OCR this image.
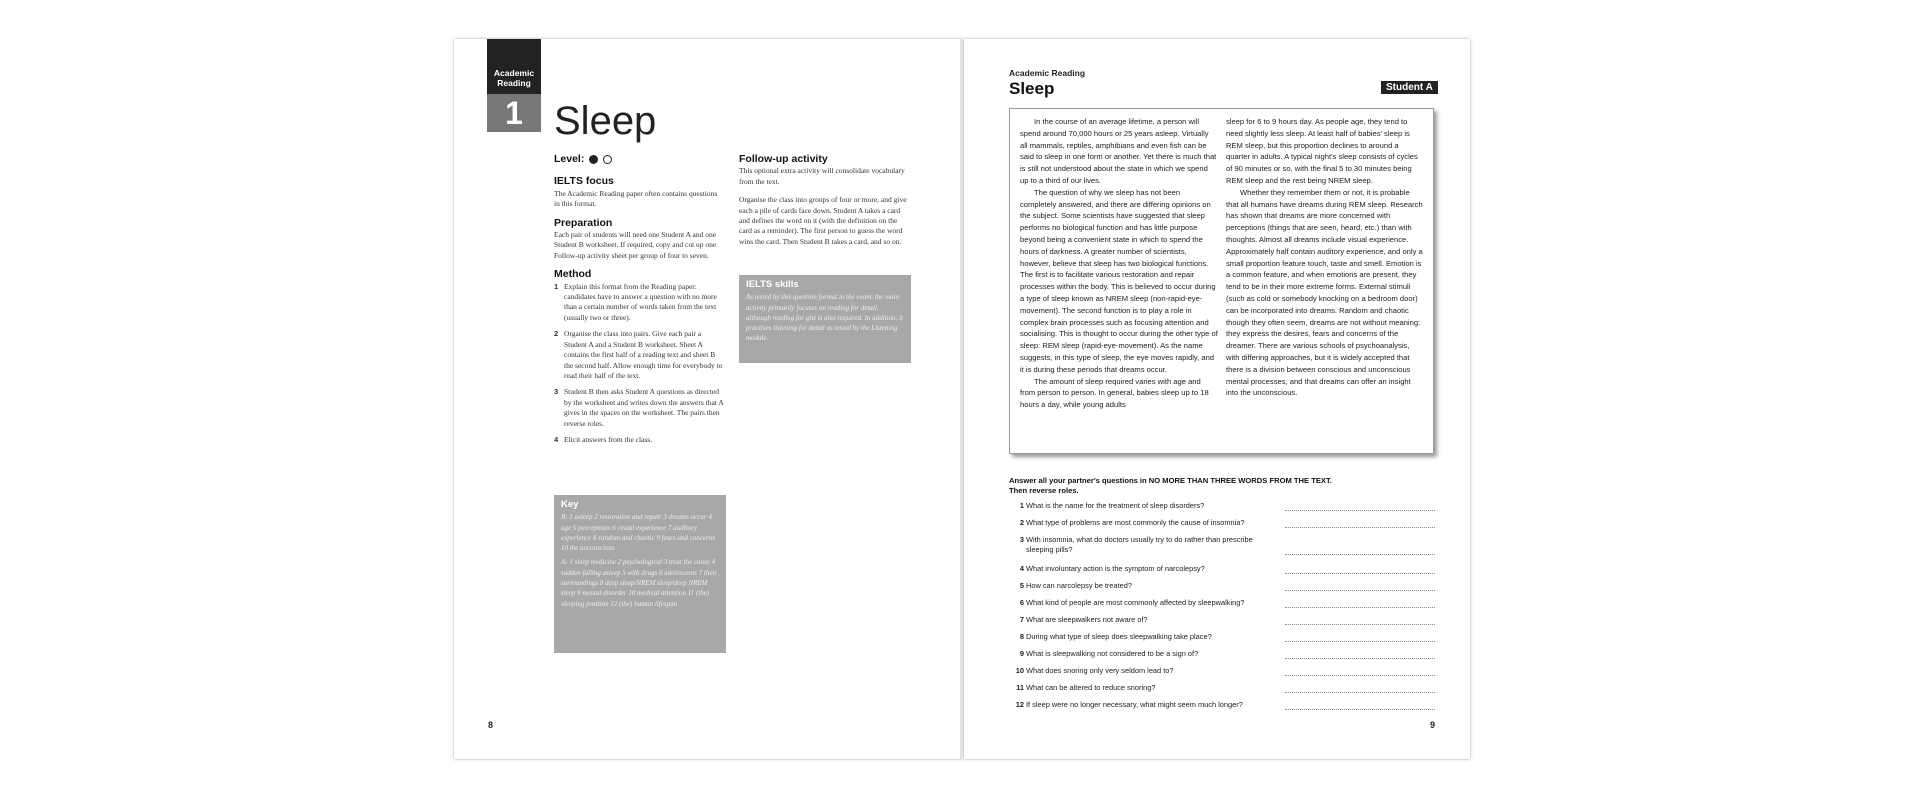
Academic
Reading
1 Sleep
Level:
IELTS focus

The Academic Reading paper often contains questions in this format.

Preparation

Each pair of students will need one Student A and one Student B worksheet. If required, copy and cut up one Follow-up activity sheet per group of four to seven.

Method
1 Explain this format from the Reading paper: candidates have to answer a question with no more than a certain number of words taken from the text (usually two or three).
2 Organise the class into pairs. Give each pair a Student A and a Student B worksheet. Sheet A contains the first half of a reading text and sheet B the second half. Allow enough time for everybody to read their half of the text.
3 Student B then asks Student A questions as directed by the worksheet and writes down the answers that A gives in the spaces on the worksheet. The pairs then reverse roles.
4 Elicit answers from the class.
Key

B: 1 asleep 2 restoration and repair 3 dreams occur 4 age 5 perceptions 6 visual experience 7 auditory experience 8 random and chaotic 9 fears and concerns 10 the unconscious

A: 1 sleep medicine 2 psychological 3 treat the cause 4 sudden falling asleep 5 with drugs 6 adolescents 7 their surroundings 8 deep sleep/NREM sleep/deep NREM sleep 9 mental disorder 10 medical attention 11 (the) sleeping position 12 (the) human lifespan

Follow-up activity

This optional extra activity will consolidate vocabulary from the text.

Organise the class into groups of four or more, and give each a pile of cards face down. Student A takes a card and defines the word on it (with the definition on the card as a reminder). The first person to guess the word wins the card. Then Student B takes a card, and so on.

IELTS skills

As tested by this question format in the exam, the main activity primarily focuses on reading for detail, although reading for gist is also required. In addition, it practises listening for detail as tested by the Listening module.

8
Academic Reading
Sleep	Student A

In the course of an average lifetime, a person will spend around 70,000 hours or 25 years asleep. Virtually all mammals, reptiles, amphibians and even fish can be said to sleep in one form or another. Yet there is much that is still not understood about the state in which we spend up to a third of our lives.

The question of why we sleep has not been completely answered, and there are differing opinions on the subject. Some scientists have suggested that sleep performs no biological function and has little purpose beyond being a convenient state in which to spend the hours of darkness. A greater number of scientists, however, believe that sleep has two biological functions. The first is to facilitate various restoration and repair processes within the body. This is believed to occur during a type of sleep known as NREM sleep (non-rapid-eye-movement). The second function is to play a role in complex brain processes such as focusing attention and socialising. This is thought to occur during the other type of sleep: REM sleep (rapid-eye-movement). As the name suggests, in this type of sleep, the eye moves rapidly, and it is during these periods that dreams occur.

The amount of sleep required varies with age and from person to person. In general, babies sleep up to 18 hours a day, while young adults

sleep for 6 to 9 hours day. As people age, they tend to need slightly less sleep. At least half of babies' sleep is REM sleep, but this proportion declines to around a quarter in adults. A typical night's sleep consists of cycles of 90 minutes or so, with the final 5 to 30 minutes being REM sleep and the rest being NREM sleep.

Whether they remember them or not, it is probable that all humans have dreams during REM sleep. Research has shown that dreams are more concerned with perceptions (things that are seen, heard, etc.) than with thoughts. Almost all dreams include visual experience. Approximately half contain auditory experience, and only a small proportion feature touch, taste and smell. Emotion is a common feature, and when emotions are present, they tend to be in their more extreme forms. External stimuli (such as cold or somebody knocking on a bedroom door) can be incorporated into dreams. Random and chaotic though they often seem, dreams are not without meaning: they express the desires, fears and concerns of the dreamer. There are various schools of psychoanalysis, with differing approaches, but it is widely accepted that there is a division between conscious and unconscious mental processes, and that dreams can offer an insight into the unconscious.

Answer all your partner's questions in NO MORE THAN THREE WORDS FROM THE TEXT.
Then reverse roles.
1 What is the name for the treatment of sleep disorders?
2 What type of problems are most commonly the cause of insomnia?
3 With insomnia, what do doctors usually try to do rather than prescribe sleeping pills?
4 What involuntary action is the symptom of narcolepsy?
5 How can narcolepsy be treated?
6 What kind of people are most commonly affected by sleepwalking?
7 What are sleepwalkers not aware of?
8 During what type of sleep does sleepwalking take place?
9 What is sleepwalking not considered to be a sign of?
10 What does snoring only very seldom lead to?
11 What can be altered to reduce snoring?
12 If sleep were no longer necessary, what might seem much longer?
9
